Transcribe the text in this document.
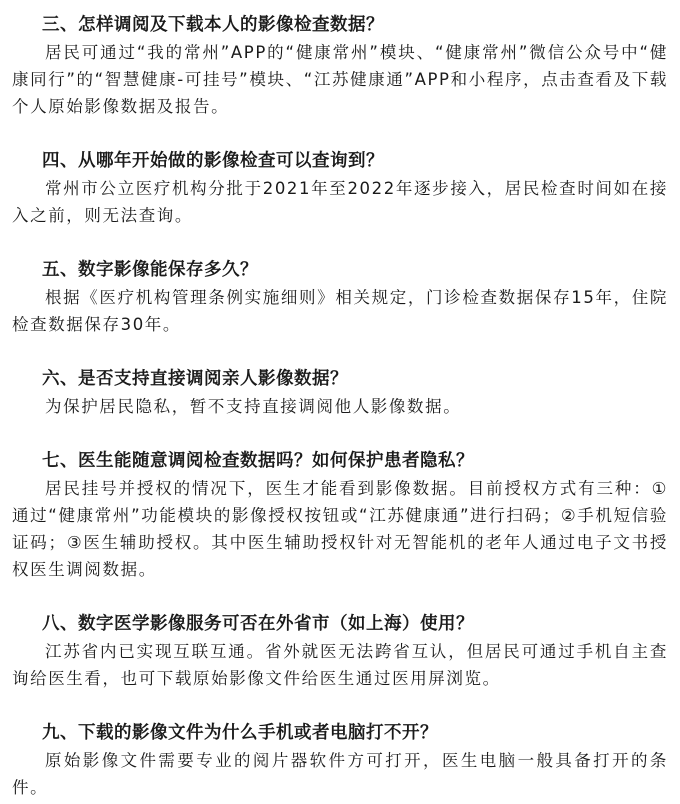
三、怎样调阅及下载本人的影像检查数据？

居民可通过“我的常州”APP的“健康常州”模块、“健康常州”微信公众号中“健康同行”的“智慧健康-可挂号”模块、“江苏健康通”APP和小程序，点击查看及下载个人原始影像数据及报告。

四、从哪年开始做的影像检查可以查询到？

常州市公立医疗机构分批于2021年至2022年逐步接入，居民检查时间如在接入之前，则无法查询。

五、数字影像能保存多久？

根据《医疗机构管理条例实施细则》相关规定，门诊检查数据保存15年，住院检查数据保存30年。

六、是否支持直接调阅亲人影像数据？

为保护居民隐私，暂不支持直接调阅他人影像数据。

七、医生能随意调阅检查数据吗？如何保护患者隐私？

居民挂号并授权的情况下，医生才能看到影像数据。目前授权方式有三种：①通过“健康常州”功能模块的影像授权按钮或“江苏健康通”进行扫码；②手机短信验证码；③医生辅助授权。其中医生辅助授权针对无智能机的老年人通过电子文书授权医生调阅数据。

八、数字医学影像服务可否在外省市（如上海）使用？

江苏省内已实现互联互通。省外就医无法跨省互认，但居民可通过手机自主查询给医生看，也可下载原始影像文件给医生通过医用屏浏览。

九、下载的影像文件为什么手机或者电脑打不开？

原始影像文件需要专业的阅片器软件方可打开，医生电脑一般具备打开的条件。
